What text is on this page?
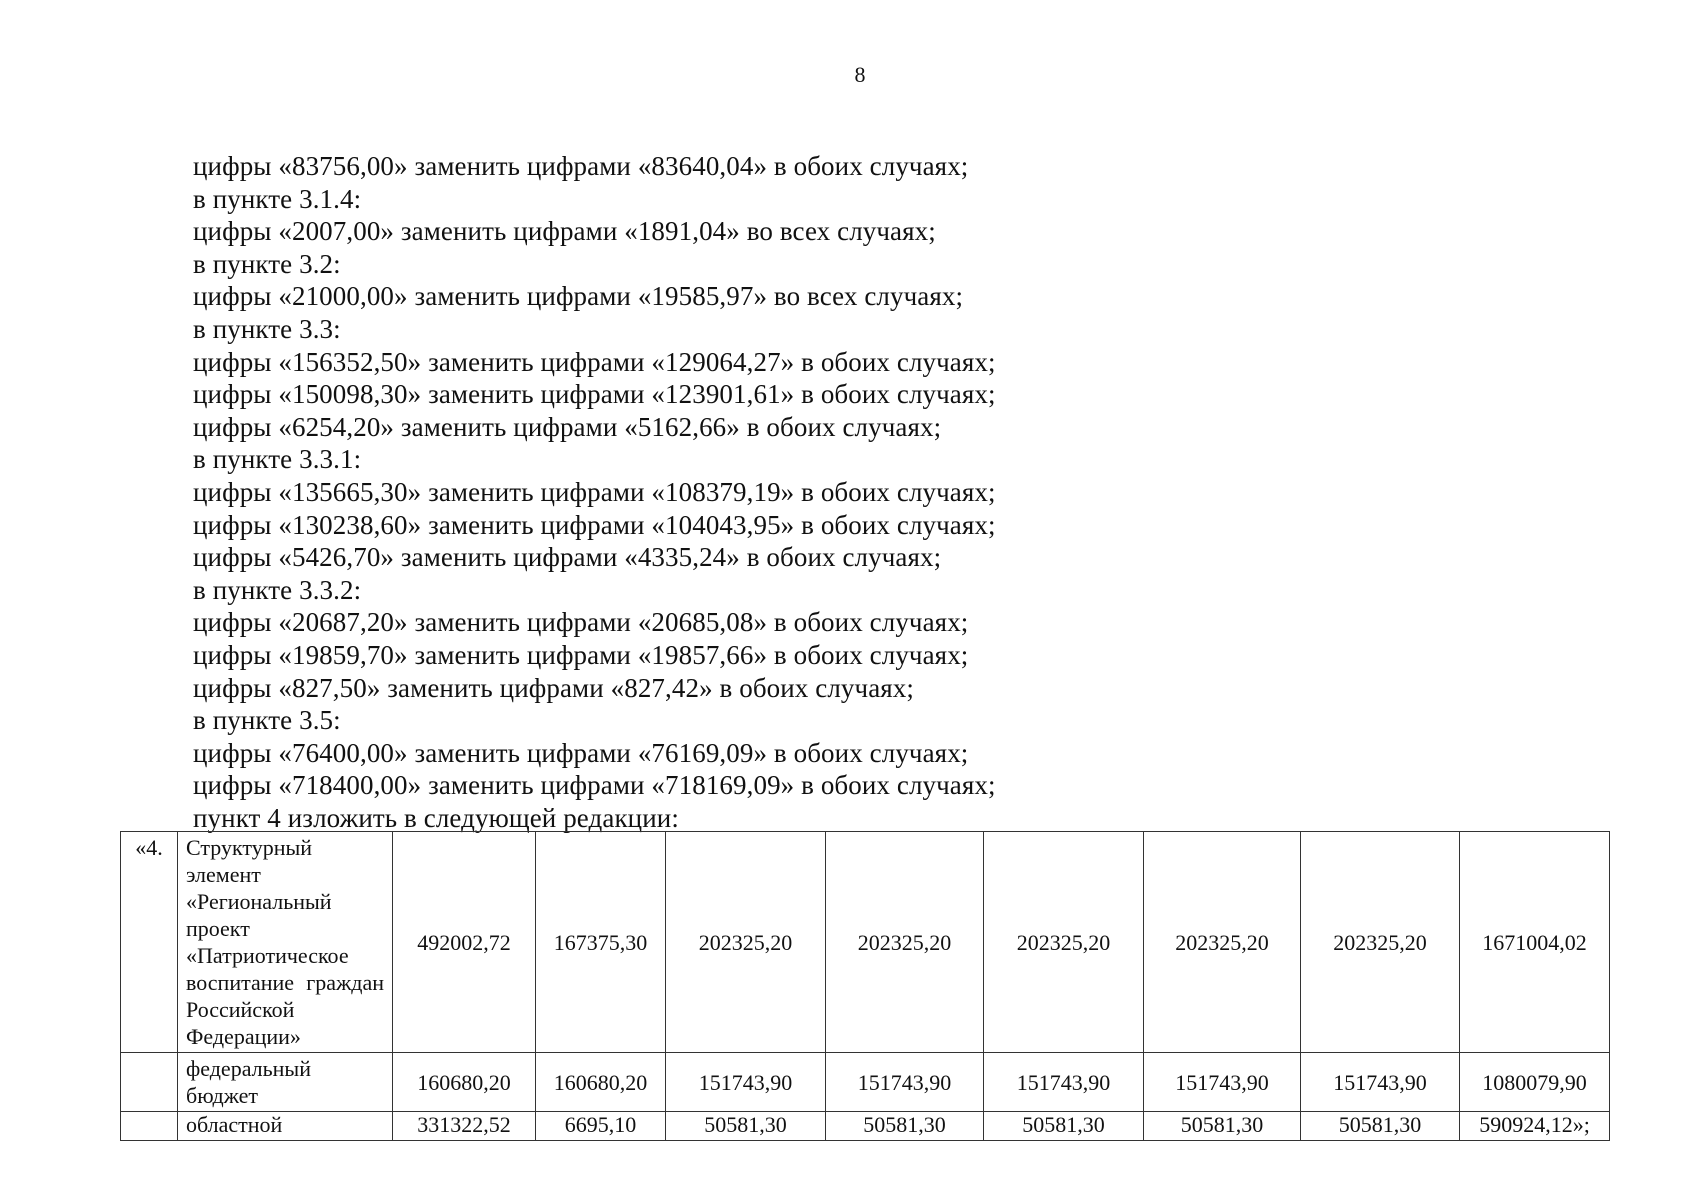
8
цифры «83756,00» заменить цифрами «83640,04» в обоих случаях;
в пункте 3.1.4:
цифры «2007,00» заменить цифрами «1891,04» во всех случаях;
в пункте 3.2:
цифры «21000,00» заменить цифрами «19585,97» во всех случаях;
в пункте 3.3:
цифры «156352,50» заменить цифрами «129064,27» в обоих случаях;
цифры «150098,30» заменить цифрами «123901,61» в обоих случаях;
цифры «6254,20» заменить цифрами «5162,66» в обоих случаях;
в пункте 3.3.1:
цифры «135665,30» заменить цифрами «108379,19» в обоих случаях;
цифры «130238,60» заменить цифрами «104043,95» в обоих случаях;
цифры «5426,70» заменить цифрами «4335,24» в обоих случаях;
в пункте 3.3.2:
цифры «20687,20» заменить цифрами «20685,08» в обоих случаях;
цифры «19859,70» заменить цифрами «19857,66» в обоих случаях;
цифры «827,50» заменить цифрами «827,42» в обоих случаях;
в пункте 3.5:
цифры «76400,00» заменить цифрами «76169,09» в обоих случаях;
цифры «718400,00» заменить цифрами «718169,09» в обоих случаях;
пункт 4 изложить в следующей редакции:
«4.	Структурный элемент «Региональный проект «Патриотическое воспитание граждан Российской Федерации»	492002,72	167375,30	202325,20	202325,20	202325,20	202325,20	202325,20	1671004,02
	федеральный бюджет	160680,20	160680,20	151743,90	151743,90	151743,90	151743,90	151743,90	1080079,90
	областной	331322,52	6695,10	50581,30	50581,30	50581,30	50581,30	50581,30	590924,12»;
